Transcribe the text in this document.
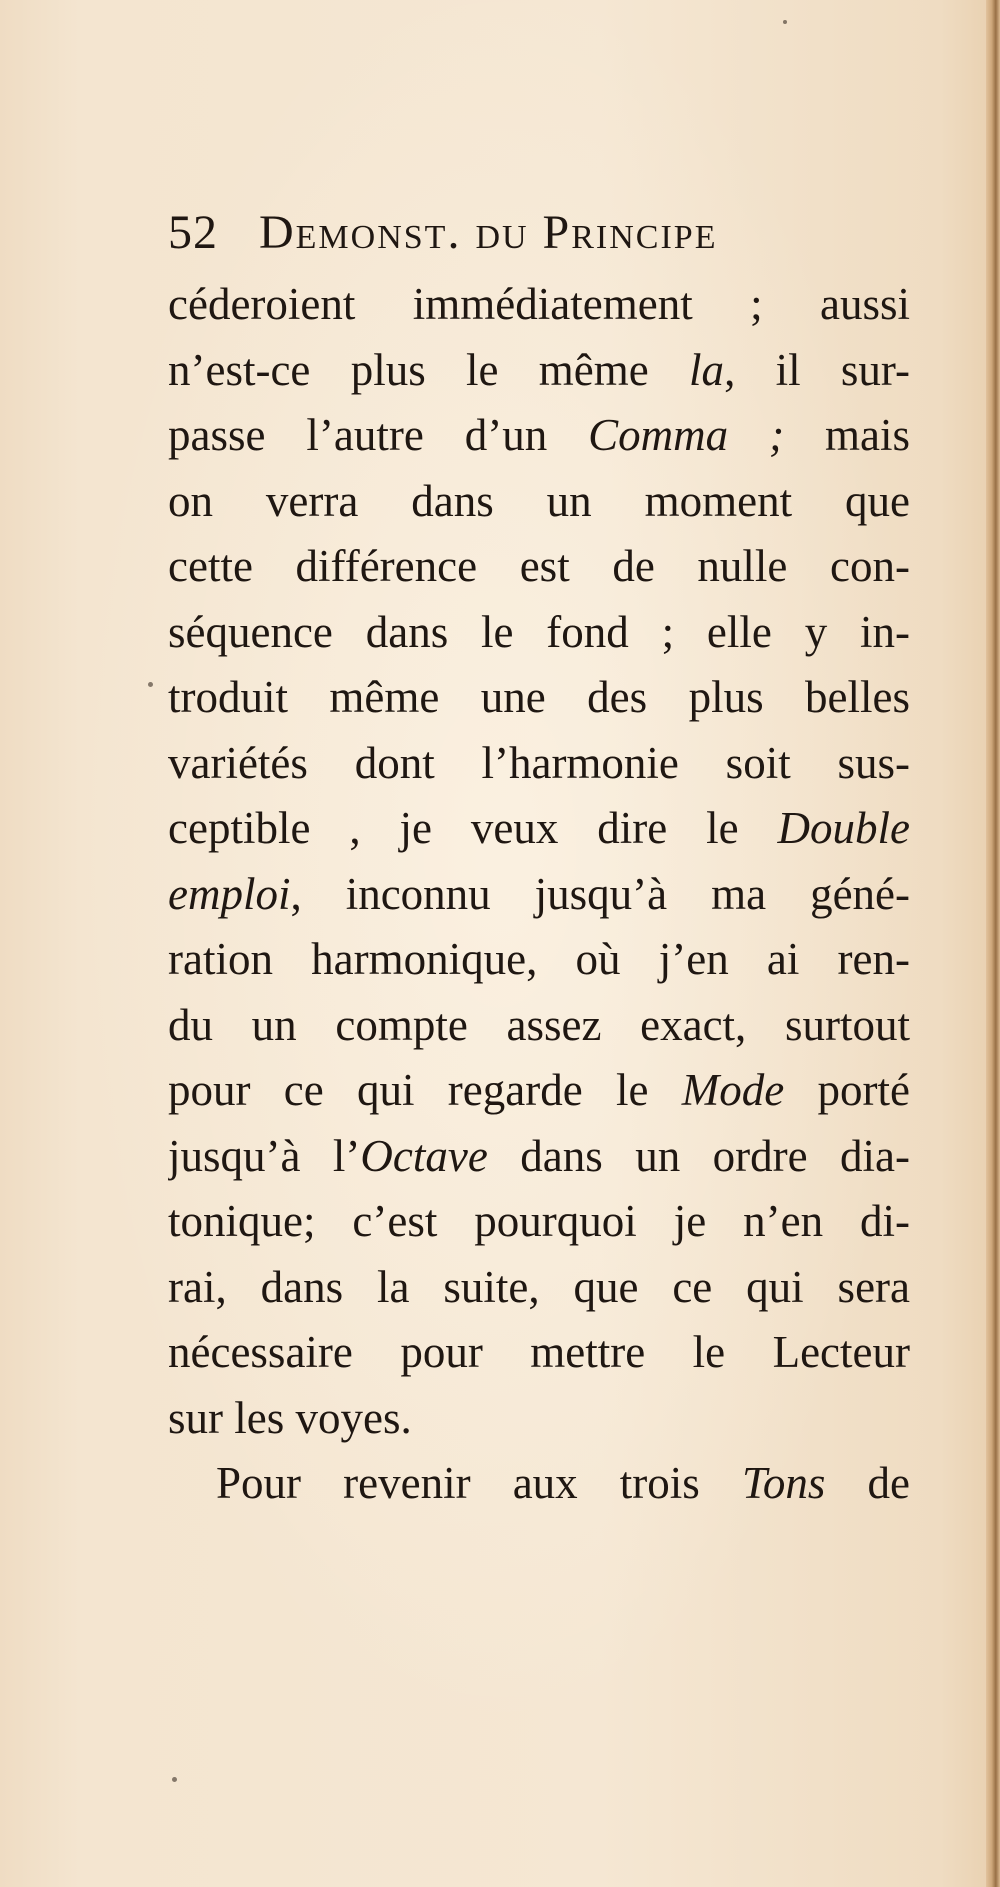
52 Demonst. du Principe
céderoient immédiatement ; aussi
n’est-ce plus le même la, il sur-
passe l’autre d’un Comma ; mais
on verra dans un moment que
cette différence est de nulle con-
séquence dans le fond ; elle y in-
troduit même une des plus belles
variétés dont l’harmonie soit sus-
ceptible , je veux dire le Double
emploi, inconnu jusqu’à ma géné-
ration harmonique, où j’en ai ren-
du un compte assez exact, surtout
pour ce qui regarde le Mode porté
jusqu’à l’Octave dans un ordre dia-
tonique; c’est pourquoi je n’en di-
rai, dans la suite, que ce qui sera
nécessaire pour mettre le Lecteur
sur les voyes.
Pour revenir aux trois Tons de
